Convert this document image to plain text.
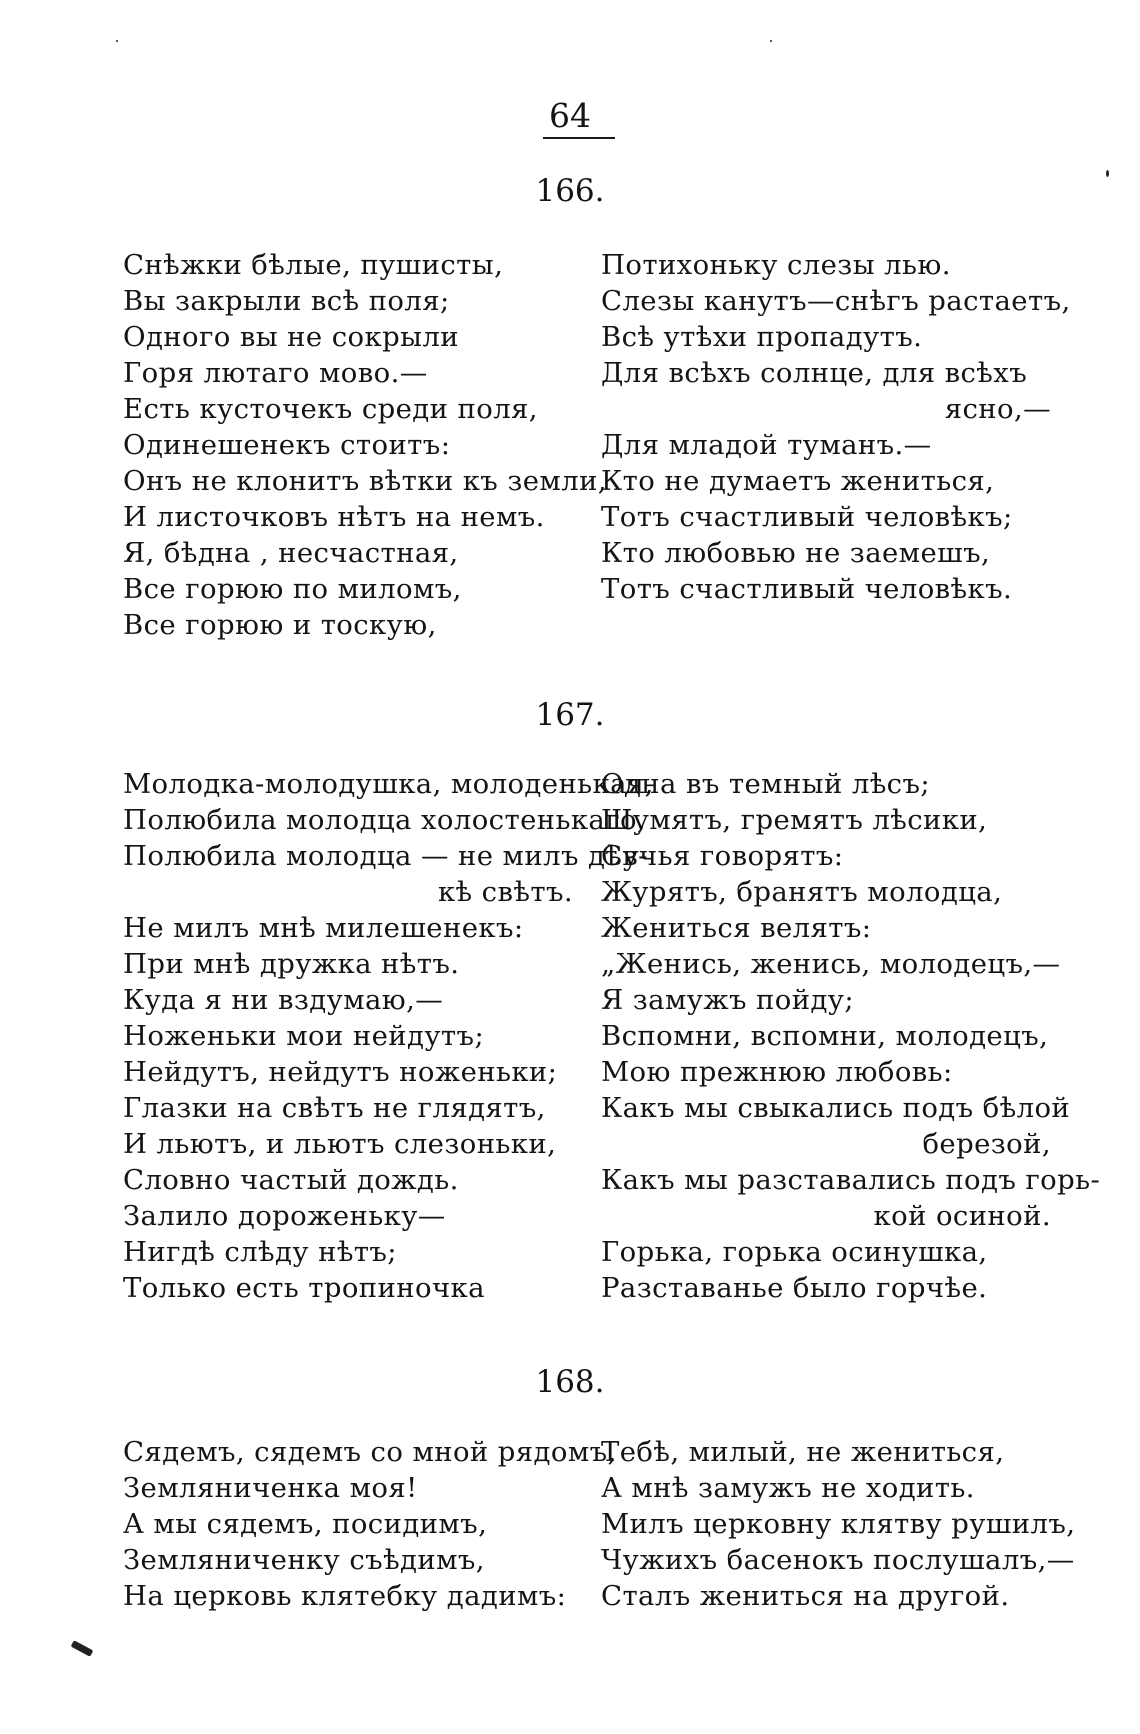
64
166.
Снѣжки бѣлые, пушисты,
Вы закрыли всѣ поля;
Одного вы не сокрыли
Горя лютаго мово.—
Есть кусточекъ среди поля,
Одинешенекъ стоитъ:
Онъ не клонитъ вѣтки къ земли,
И листочковъ нѣтъ на немъ.
Я, бѣдна , несчастная,
Все горюю по миломъ,
Все горюю и тоскую,
Потихоньку слезы лью.
Слезы канутъ—снѣгъ растаетъ,
Всѣ утѣхи пропадутъ.
Для всѣхъ солнце, для всѣхъ
ясно,—
Для младой туманъ.—
Кто не думаетъ жениться,
Тотъ счастливый человѣкъ;
Кто любовью не заемешъ,
Тотъ счастливый человѣкъ.
167.
Молодка-молодушка, молоденькая,
Полюбила молодца холостенькаго,
Полюбила молодца — не милъ дѣв-
кѣ свѣтъ.
Не милъ мнѣ милешенекъ:
При мнѣ дружка нѣтъ.
Куда я ни вздумаю,—
Ноженьки мои нейдутъ;
Нейдутъ, нейдутъ ноженьки;
Глазки на свѣтъ не глядятъ,
И льютъ, и льютъ слезоньки,
Словно частый дождь.
Залило дороженьку—
Нигдѣ слѣду нѣтъ;
Только есть тропиночка
Одна въ темный лѣсъ;
Шумятъ, гремятъ лѣсики,
Сучья говорятъ:
Журятъ, бранятъ молодца,
Жениться велятъ:
„Женись, женись, молодецъ,—
Я замужъ пойду;
Вспомни, вспомни, молодецъ,
Мою прежнюю любовь:
Какъ мы свыкались подъ бѣлой
березой,
Какъ мы разставались подъ горь-
кой осиной.
Горька, горька осинушка,
Разставанье было горчѣе.
168.
Сядемъ, сядемъ со мной рядомъ,
Земляниченка моя!
А мы сядемъ, посидимъ,
Земляниченку съѣдимъ,
На церковь клятебку дадимъ:
Тебѣ, милый, не жениться,
А мнѣ замужъ не ходить.
Милъ церковну клятву рушилъ,
Чужихъ басенокъ послушалъ,—
Сталъ жениться на другой.
